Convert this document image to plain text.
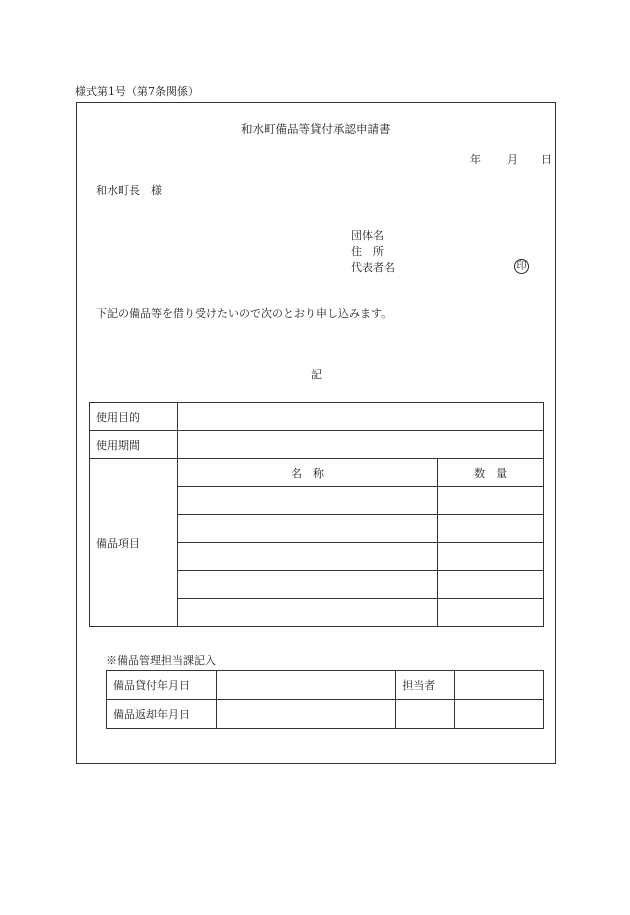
様式第1号（第7条関係）
和水町備品等貸付承認申請書
年 月 日
和水町長　様
団体名
住　所
代表者名	印
下記の備品等を借り受けたいので次のとおり申し込みます。
記
使用目的		
使用期間		
備品項目	名　称	数　量

※備品管理担当課記入
備品貸付年月日		担当者	
備品返却年月日			
